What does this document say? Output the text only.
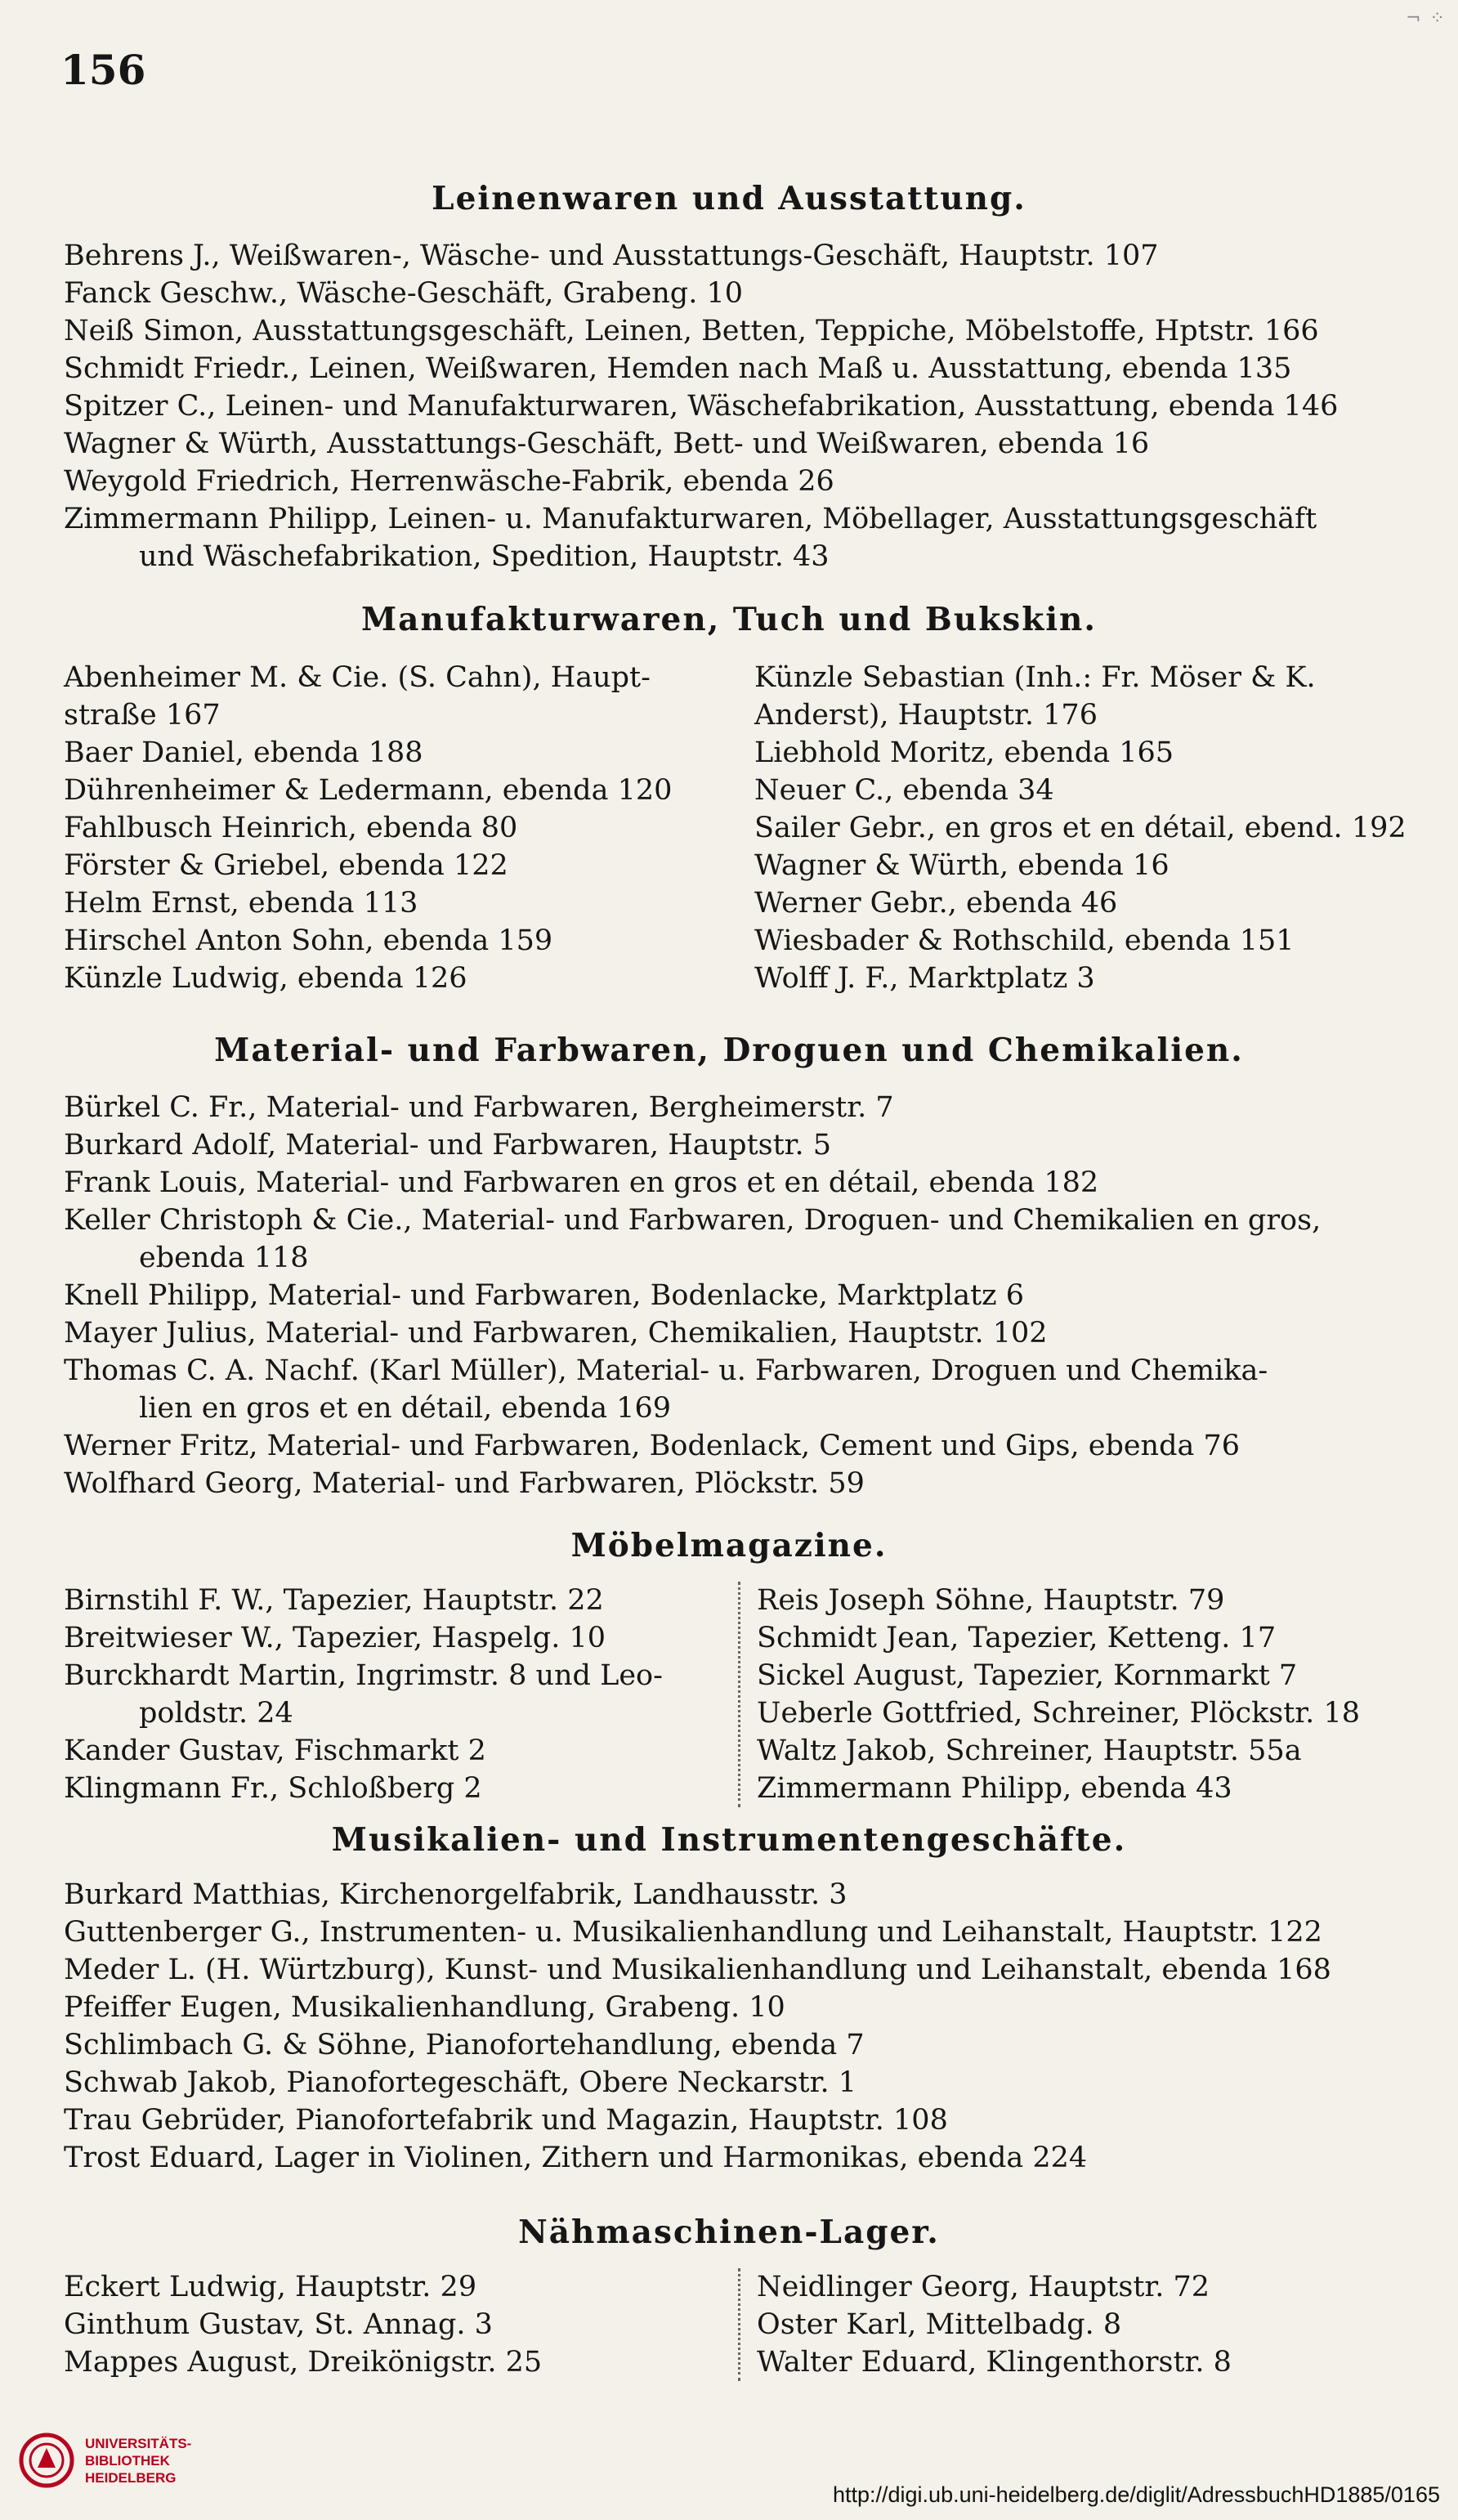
156
¬ ⁘
Leinenwaren und Ausstattung.
Behrens J., Weißwaren-, Wäsche- und Ausstattungs-Geschäft, Hauptstr. 107
Fanck Geschw., Wäsche-Geschäft, Grabeng. 10
Neiß Simon, Ausstattungsgeschäft, Leinen, Betten, Teppiche, Möbelstoffe, Hptstr. 166
Schmidt Friedr., Leinen, Weißwaren, Hemden nach Maß u. Ausstattung, ebenda 135
Spitzer C., Leinen- und Manufakturwaren, Wäschefabrikation, Ausstattung, ebenda 146
Wagner & Würth, Ausstattungs-Geschäft, Bett- und Weißwaren, ebenda 16
Weygold Friedrich, Herrenwäsche-Fabrik, ebenda 26
Zimmermann Philipp, Leinen- u. Manufakturwaren, Möbellager, Ausstattungsgeschäft
und Wäschefabrikation, Spedition, Hauptstr. 43
Manufakturwaren, Tuch und Bukskin.
Abenheimer M. & Cie. (S. Cahn), Haupt-
straße 167
Baer Daniel, ebenda 188
Dührenheimer & Ledermann, ebenda 120
Fahlbusch Heinrich, ebenda 80
Förster & Griebel, ebenda 122
Helm Ernst, ebenda 113
Hirschel Anton Sohn, ebenda 159
Künzle Ludwig, ebenda 126
Künzle Sebastian (Inh.: Fr. Möser & K.
Anderst), Hauptstr. 176
Liebhold Moritz, ebenda 165
Neuer C., ebenda 34
Sailer Gebr., en gros et en détail, ebend. 192
Wagner & Würth, ebenda 16
Werner Gebr., ebenda 46
Wiesbader & Rothschild, ebenda 151
Wolff J. F., Marktplatz 3
Material- und Farbwaren, Droguen und Chemikalien.
Bürkel C. Fr., Material- und Farbwaren, Bergheimerstr. 7
Burkard Adolf, Material- und Farbwaren, Hauptstr. 5
Frank Louis, Material- und Farbwaren en gros et en détail, ebenda 182
Keller Christoph & Cie., Material- und Farbwaren, Droguen- und Chemikalien en gros,
ebenda 118
Knell Philipp, Material- und Farbwaren, Bodenlacke, Marktplatz 6
Mayer Julius, Material- und Farbwaren, Chemikalien, Hauptstr. 102
Thomas C. A. Nachf. (Karl Müller), Material- u. Farbwaren, Droguen und Chemika-
lien en gros et en détail, ebenda 169
Werner Fritz, Material- und Farbwaren, Bodenlack, Cement und Gips, ebenda 76
Wolfhard Georg, Material- und Farbwaren, Plöckstr. 59
Möbelmagazine.
Birnstihl F. W., Tapezier, Hauptstr. 22
Breitwieser W., Tapezier, Haspelg. 10
Burckhardt Martin, Ingrimstr. 8 und Leo-
poldstr. 24
Kander Gustav, Fischmarkt 2
Klingmann Fr., Schloßberg 2
Reis Joseph Söhne, Hauptstr. 79
Schmidt Jean, Tapezier, Ketteng. 17
Sickel August, Tapezier, Kornmarkt 7
Ueberle Gottfried, Schreiner, Plöckstr. 18
Waltz Jakob, Schreiner, Hauptstr. 55a
Zimmermann Philipp, ebenda 43
Musikalien- und Instrumentengeschäfte.
Burkard Matthias, Kirchenorgelfabrik, Landhausstr. 3
Guttenberger G., Instrumenten- u. Musikalienhandlung und Leihanstalt, Hauptstr. 122
Meder L. (H. Würtzburg), Kunst- und Musikalienhandlung und Leihanstalt, ebenda 168
Pfeiffer Eugen, Musikalienhandlung, Grabeng. 10
Schlimbach G. & Söhne, Pianofortehandlung, ebenda 7
Schwab Jakob, Pianofortegeschäft, Obere Neckarstr. 1
Trau Gebrüder, Pianofortefabrik und Magazin, Hauptstr. 108
Trost Eduard, Lager in Violinen, Zithern und Harmonikas, ebenda 224
Nähmaschinen-Lager.
Eckert Ludwig, Hauptstr. 29
Ginthum Gustav, St. Annag. 3
Mappes August, Dreikönigstr. 25
Neidlinger Georg, Hauptstr. 72
Oster Karl, Mittelbadg. 8
Walter Eduard, Klingenthorstr. 8
UNIVERSITÄTS-
BIBLIOTHEK
HEIDELBERG
http://digi.ub.uni-heidelberg.de/diglit/AdressbuchHD1885/0165
